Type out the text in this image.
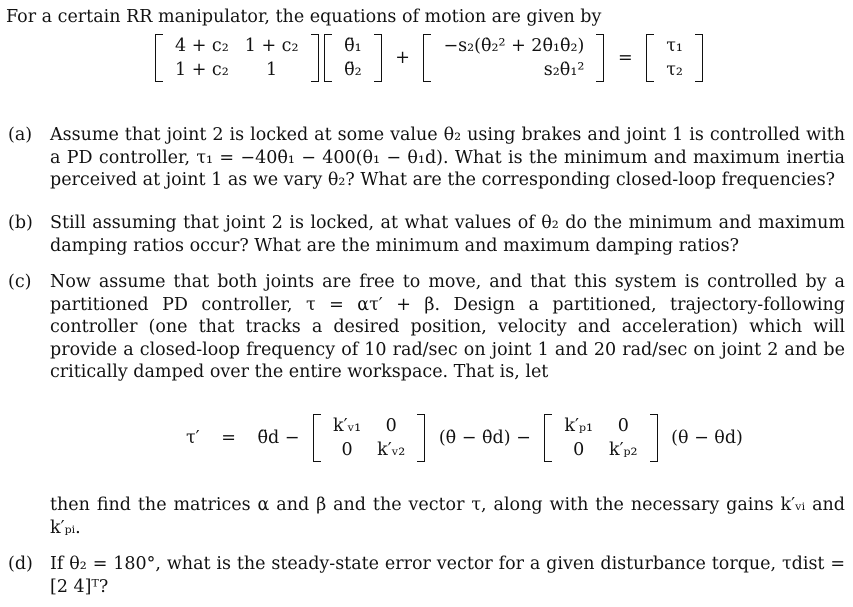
For a certain RR manipulator, the equations of motion are given by
4 + c₂	1 + c₂
1 + c₂	1

θ̈₁
θ̈₂
+
−s₂(θ̇₂² + 2θ̇₁θ̇₂)
s₂θ̇₁²
=
τ₁
τ₂
(a) Assume that joint 2 is locked at some value θ₂ using brakes and joint 1 is controlled with a PD controller, τ₁ = −40θ̇₁ − 400(θ₁ − θ₁d). What is the minimum and maximum inertia perceived at joint 1 as we vary θ₂? What are the corresponding closed-loop frequencies?
(b) Still assuming that joint 2 is locked, at what values of θ₂ do the minimum and maximum damping ratios occur? What are the minimum and maximum damping ratios?
(c) Now assume that both joints are free to move, and that this system is controlled by a partitioned PD controller, τ = ατ′ + β. Design a partitioned, trajectory-following controller (one that tracks a desired position, velocity and acceleration) which will provide a closed-loop frequency of 10 rad/sec on joint 1 and 20 rad/sec on joint 2 and be critically damped over the entire workspace. That is, let
τ′ = θ̈d −
k′ᵥ₁	0
0	k′ᵥ₂
(θ̇ − θ̇d) −
k′ₚ₁	0
0	k′ₚ₂
(θ − θd)
then find the matrices α and β and the vector τ, along with the necessary gains k′ᵥᵢ and k′ₚᵢ.
(d) If θ₂ = 180°, what is the steady-state error vector for a given disturbance torque, τdist = [2 4]ᵀ?
